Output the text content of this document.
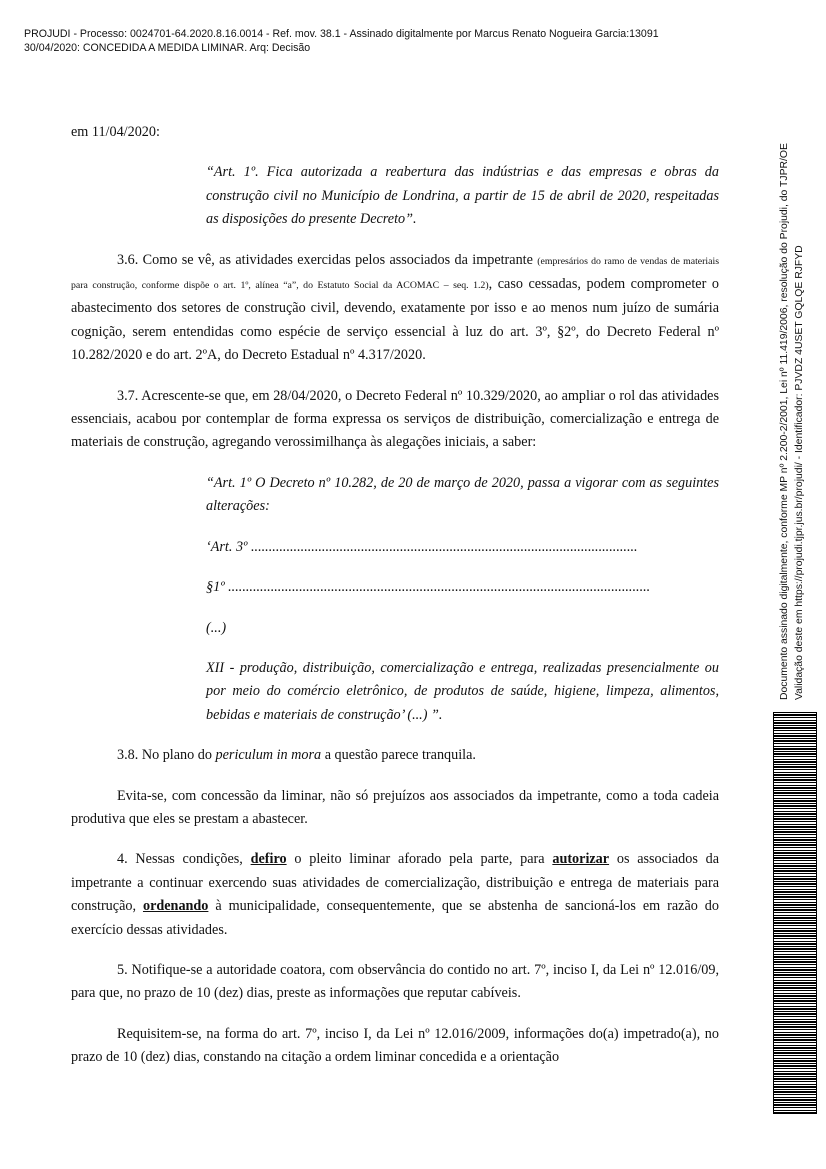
PROJUDI - Processo: 0024701-64.2020.8.16.0014 - Ref. mov. 38.1 - Assinado digitalmente por Marcus Renato Nogueira Garcia:13091
30/04/2020: CONCEDIDA A MEDIDA LIMINAR. Arq: Decisão
Documento assinado digitalmente, conforme MP nº 2.200-2/2001, Lei nº 11.419/2006, resolução do Projudi, do TJPR/OE Validação deste em https://projudi.tjpr.jus.br/projudi/ - Identificador: PJVDZ 4USET GQLQE RJFYD

em 11/04/2020:

“Art. 1º. Fica autorizada a reabertura das indústrias e das empresas e obras da construção civil no Município de Londrina, a partir de 15 de abril de 2020, respeitadas as disposições do presente Decreto”.

3.6. Como se vê, as atividades exercidas pelos associados da impetrante (empresários do ramo de vendas de materiais para construção, conforme dispõe o art. 1º, alínea “a”, do Estatuto Social da ACOMAC – seq. 1.2), caso cessadas, podem comprometer o abastecimento dos setores de construção civil, devendo, exatamente por isso e ao menos num juízo de sumária cognição, serem entendidas como espécie de serviço essencial à luz do art. 3º, §2º, do Decreto Federal nº 10.282/2020 e do art. 2ºA, do Decreto Estadual nº 4.317/2020.

3.7. Acrescente-se que, em 28/04/2020, o Decreto Federal nº 10.329/2020, ao ampliar o rol das atividades essenciais, acabou por contemplar de forma expressa os serviços de distribuição, comercialização e entrega de materiais de construção, agregando verossimilhança às alegações iniciais, a saber:

“Art. 1º O Decreto nº 10.282, de 20 de março de 2020, passa a vigorar com as seguintes alterações:

‘Art. 3º .............................................................................................................

§1º .......................................................................................................................

(...)

XII - produção, distribuição, comercialização e entrega, realizadas presencialmente ou por meio do comércio eletrônico, de produtos de saúde, higiene, limpeza, alimentos, bebidas e materiais de construção’ (...) ”.

3.8. No plano do periculum in mora a questão parece tranquila.

Evita-se, com concessão da liminar, não só prejuízos aos associados da impetrante, como a toda cadeia produtiva que eles se prestam a abastecer.

4. Nessas condições, defiro o pleito liminar aforado pela parte, para autorizar os associados da impetrante a continuar exercendo suas atividades de comercialização, distribuição e entrega de materiais para construção, ordenando à municipalidade, consequentemente, que se abstenha de sancioná-los em razão do exercício dessas atividades.

5. Notifique-se a autoridade coatora, com observância do contido no art. 7º, inciso I, da Lei nº 12.016/09, para que, no prazo de 10 (dez) dias, preste as informações que reputar cabíveis.

Requisitem-se, na forma do art. 7º, inciso I, da Lei nº 12.016/2009, informações do(a) impetrado(a), no prazo de 10 (dez) dias, constando na citação a ordem liminar concedida e a orientação
